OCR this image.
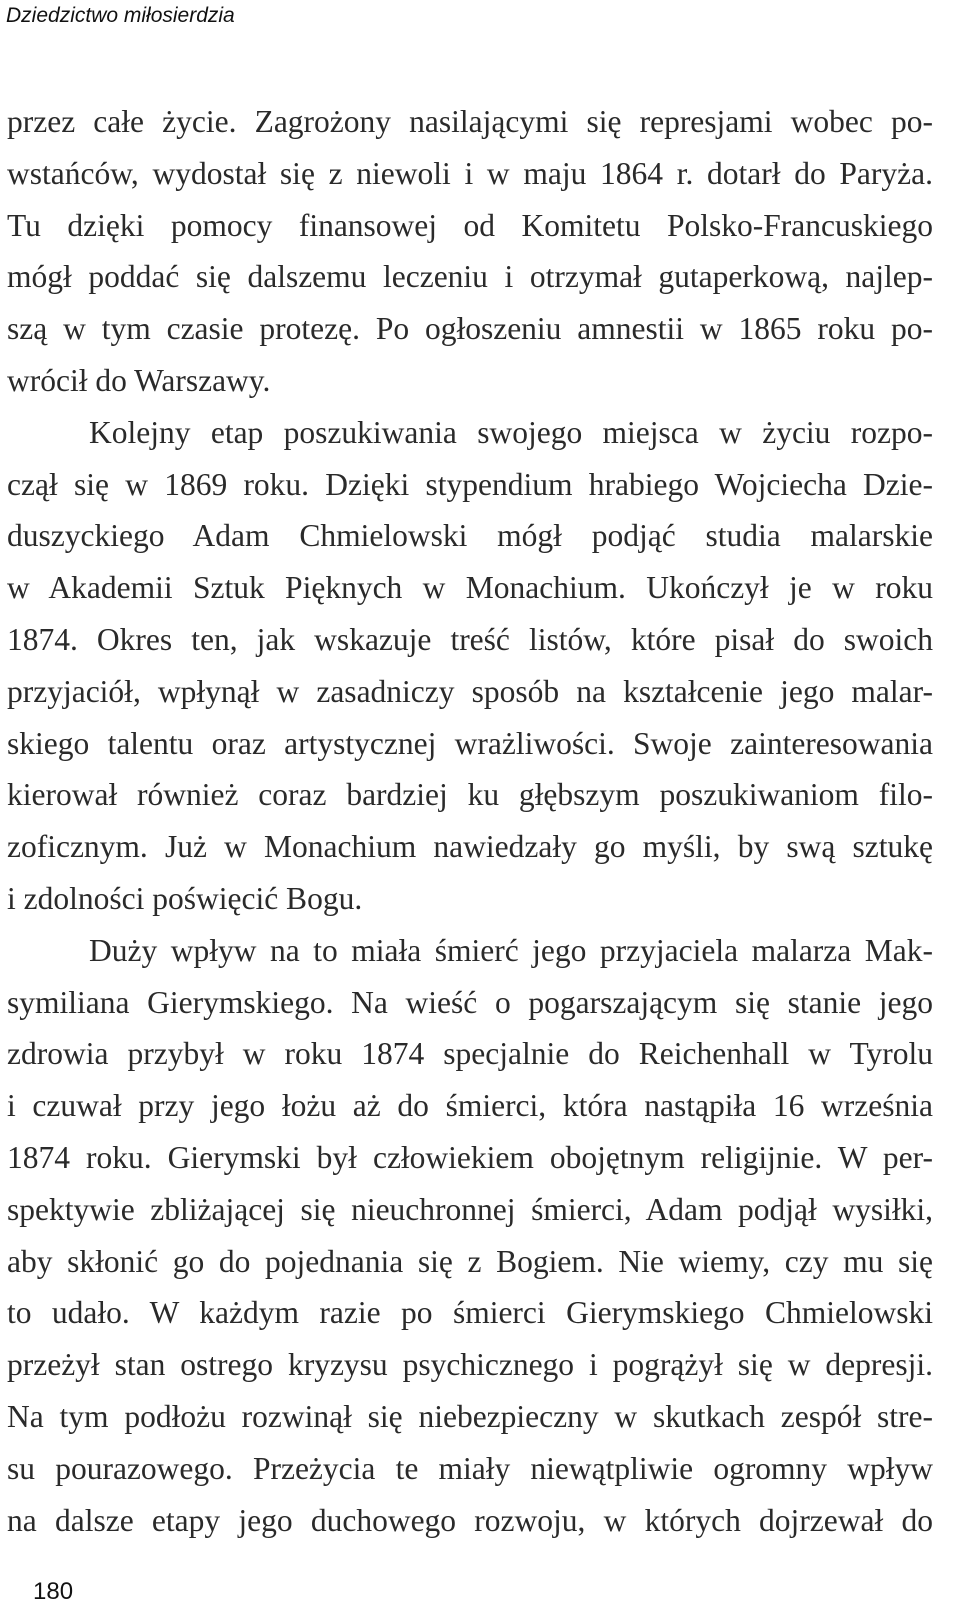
Dziedzictwo miłosierdzia
przez całe życie. Zagrożony nasilającymi się represjami wobec po-
wstańców, wydostał się z niewoli i w maju 1864 r. dotarł do Paryża.
Tu dzięki pomocy finansowej od Komitetu Polsko-Francuskiego
mógł poddać się dalszemu leczeniu i otrzymał gutaperkową, najlep-
szą w tym czasie protezę. Po ogłoszeniu amnestii w 1865 roku po-
wrócił do Warszawy.
Kolejny etap poszukiwania swojego miejsca w życiu rozpo-
czął się w 1869 roku. Dzięki stypendium hrabiego Wojciecha Dzie-
duszyckiego Adam Chmielowski mógł podjąć studia malarskie
w Akademii Sztuk Pięknych w Monachium. Ukończył je w roku
1874. Okres ten, jak wskazuje treść listów, które pisał do swoich
przyjaciół, wpłynął w zasadniczy sposób na kształcenie jego malar-
skiego talentu oraz artystycznej wrażliwości. Swoje zainteresowania
kierował również coraz bardziej ku głębszym poszukiwaniom filo-
zoficznym. Już w Monachium nawiedzały go myśli, by swą sztukę
i zdolności poświęcić Bogu.
Duży wpływ na to miała śmierć jego przyjaciela malarza Mak-
symiliana Gierymskiego. Na wieść o pogarszającym się stanie jego
zdrowia przybył w roku 1874 specjalnie do Reichenhall w Tyrolu
i czuwał przy jego łożu aż do śmierci, która nastąpiła 16 września
1874 roku. Gierymski był człowiekiem obojętnym religijnie. W per-
spektywie zbliżającej się nieuchronnej śmierci, Adam podjął wysiłki,
aby skłonić go do pojednania się z Bogiem. Nie wiemy, czy mu się
to udało. W każdym razie po śmierci Gierymskiego Chmielowski
przeżył stan ostrego kryzysu psychicznego i pogrążył się w depresji.
Na tym podłożu rozwinął się niebezpieczny w skutkach zespół stre-
su pourazowego. Przeżycia te miały niewątpliwie ogromny wpływ
na dalsze etapy jego duchowego rozwoju, w których dojrzewał do
180
